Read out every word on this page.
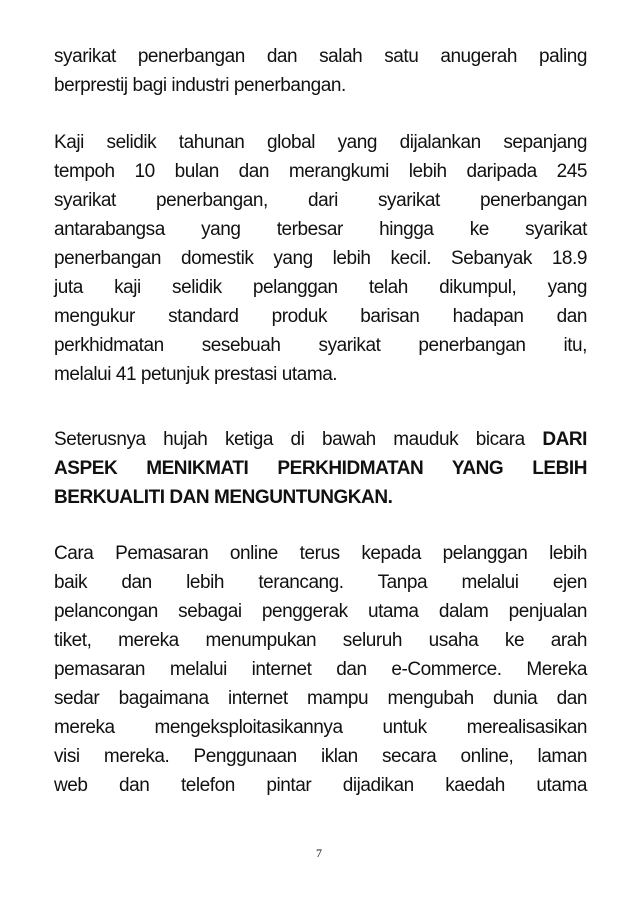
syarikat penerbangan dan salah satu anugerah paling
berprestij bagi industri penerbangan.
Kaji selidik tahunan global yang dijalankan sepanjang
tempoh 10 bulan dan merangkumi lebih daripada 245
syarikat penerbangan, dari syarikat penerbangan
antarabangsa yang terbesar hingga ke syarikat
penerbangan domestik yang lebih kecil. Sebanyak 18.9
juta kaji selidik pelanggan telah dikumpul, yang
mengukur standard produk barisan hadapan dan
perkhidmatan sesebuah syarikat penerbangan itu,
melalui 41 petunjuk prestasi utama.
Seterusnya hujah ketiga di bawah mauduk bicara DARI
ASPEK MENIKMATI PERKHIDMATAN YANG LEBIH
BERKUALITI DAN MENGUNTUNGKAN.
Cara Pemasaran online terus kepada pelanggan lebih
baik dan lebih terancang. Tanpa melalui ejen
pelancongan sebagai penggerak utama dalam penjualan
tiket, mereka menumpukan seluruh usaha ke arah
pemasaran melalui internet dan e-Commerce. Mereka
sedar bagaimana internet mampu mengubah dunia dan
mereka mengeksploitasikannya untuk merealisasikan
visi mereka. Penggunaan iklan secara online, laman
web dan telefon pintar dijadikan kaedah utama
7
